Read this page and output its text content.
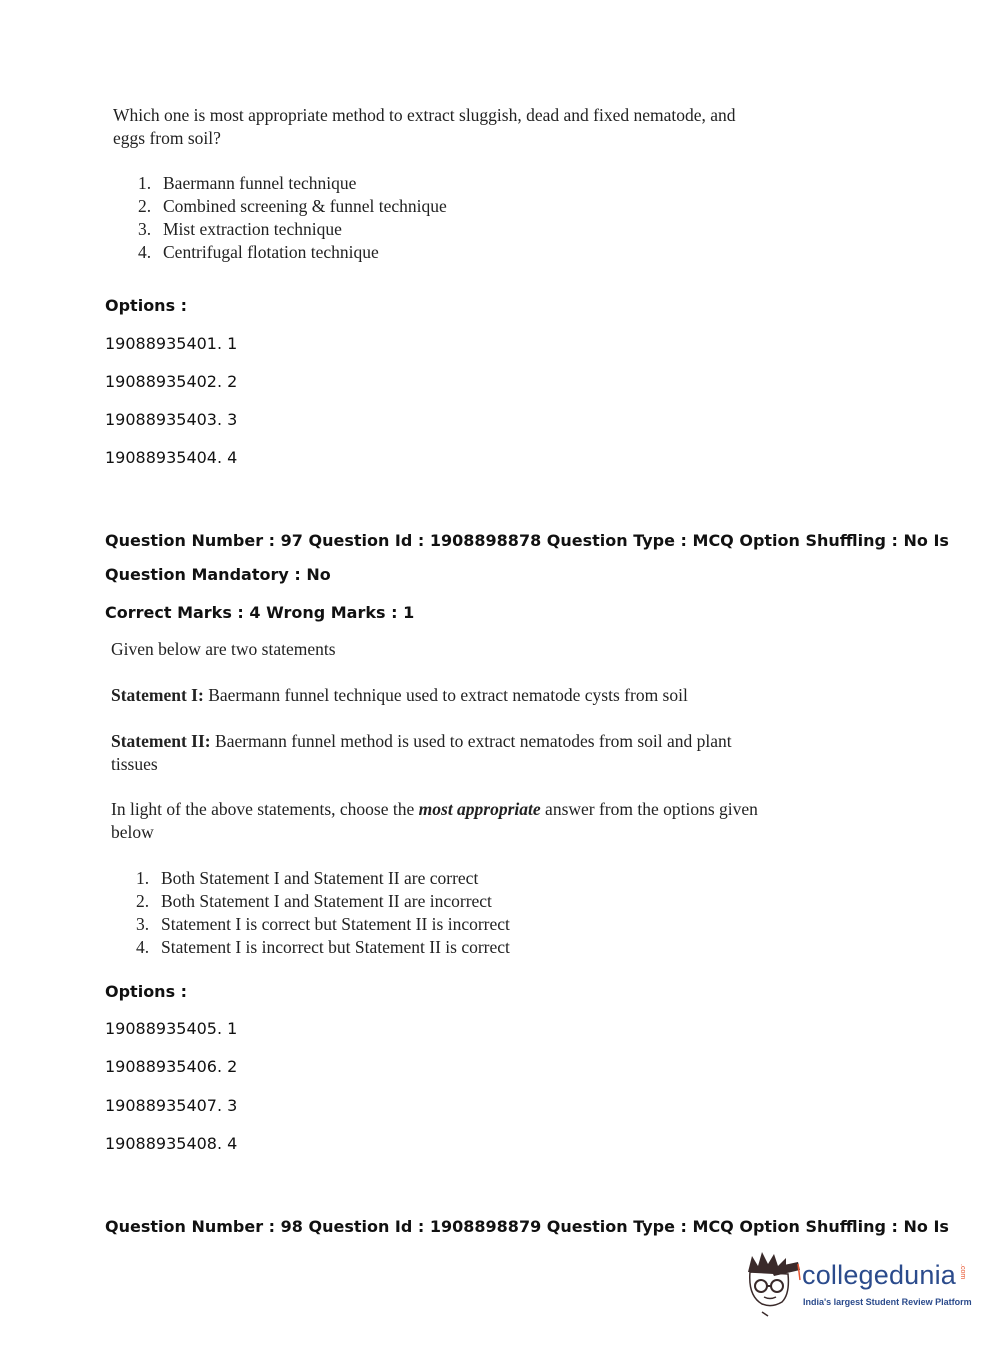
Which one is most appropriate method to extract sluggish, dead and fixed nematode, and
eggs from soil?
1. Baermann funnel technique
2. Combined screening & funnel technique
3. Mist extraction technique
4. Centrifugal flotation technique
Options :
19088935401. 1
19088935402. 2
19088935403. 3
19088935404. 4
Question Number : 97 Question Id : 1908898878 Question Type : MCQ Option Shuffling : No Is
Question Mandatory : No
Correct Marks : 4 Wrong Marks : 1
Given below are two statements
Statement I: Baermann funnel technique used to extract nematode cysts from soil
Statement II: Baermann funnel method is used to extract nematodes from soil and plant
tissues
In light of the above statements, choose the most appropriate answer from the options given
below
1. Both Statement I and Statement II are correct
2. Both Statement I and Statement II are incorrect
3. Statement I is correct but Statement II is incorrect
4. Statement I is incorrect but Statement II is correct
Options :
19088935405. 1
19088935406. 2
19088935407. 3
19088935408. 4
Question Number : 98 Question Id : 1908898879 Question Type : MCQ Option Shuffling : No Is
collegedunia .com
India's largest Student Review Platform
